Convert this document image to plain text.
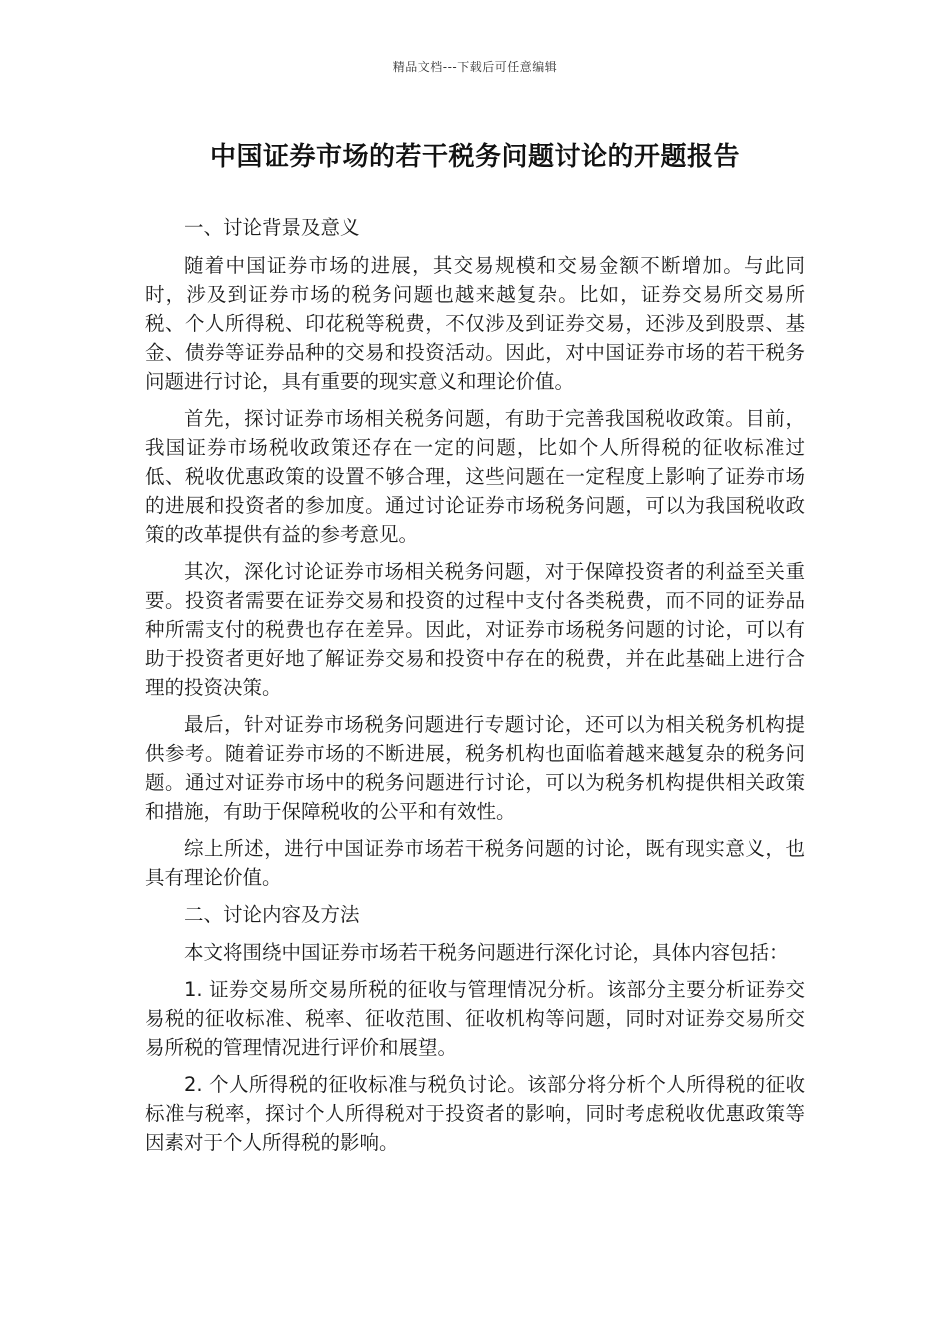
精品文档---下载后可任意编辑
中国证券市场的若干税务问题讨论的开题报告

一、讨论背景及意义

随着中国证券市场的进展，其交易规模和交易金额不断增加。与此同时，涉及到证券市场的税务问题也越来越复杂。比如，证券交易所交易所税、个人所得税、印花税等税费，不仅涉及到证券交易，还涉及到股票、基金、债券等证券品种的交易和投资活动。因此，对中国证券市场的若干税务问题进行讨论，具有重要的现实意义和理论价值。

首先，探讨证券市场相关税务问题，有助于完善我国税收政策。目前，我国证券市场税收政策还存在一定的问题，比如个人所得税的征收标准过低、税收优惠政策的设置不够合理，这些问题在一定程度上影响了证券市场的进展和投资者的参加度。通过讨论证券市场税务问题，可以为我国税收政策的改革提供有益的参考意见。

其次，深化讨论证券市场相关税务问题，对于保障投资者的利益至关重要。投资者需要在证券交易和投资的过程中支付各类税费，而不同的证券品种所需支付的税费也存在差异。因此，对证券市场税务问题的讨论，可以有助于投资者更好地了解证券交易和投资中存在的税费，并在此基础上进行合理的投资决策。

最后，针对证券市场税务问题进行专题讨论，还可以为相关税务机构提供参考。随着证券市场的不断进展，税务机构也面临着越来越复杂的税务问题。通过对证券市场中的税务问题进行讨论，可以为税务机构提供相关政策和措施，有助于保障税收的公平和有效性。

综上所述，进行中国证券市场若干税务问题的讨论，既有现实意义，也具有理论价值。

二、讨论内容及方法

本文将围绕中国证券市场若干税务问题进行深化讨论，具体内容包括：

1. 证券交易所交易所税的征收与管理情况分析。该部分主要分析证券交易税的征收标准、税率、征收范围、征收机构等问题，同时对证券交易所交易所税的管理情况进行评价和展望。

2. 个人所得税的征收标准与税负讨论。该部分将分析个人所得税的征收标准与税率，探讨个人所得税对于投资者的影响，同时考虑税收优惠政策等因素对于个人所得税的影响。
